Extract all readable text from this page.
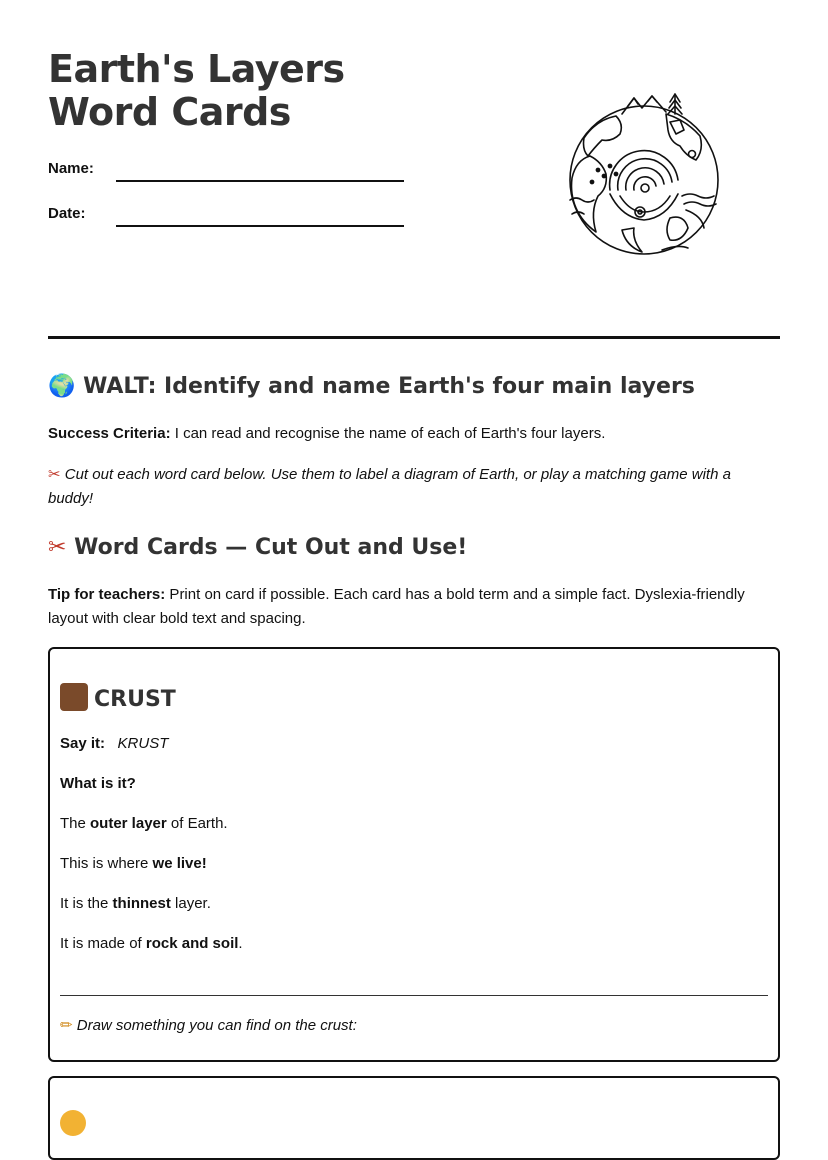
Earth's Layers Word Cards
Name:
Date:
🌍 WALT: Identify and name Earth's four main layers

Success Criteria: I can read and recognise the name of each of Earth's four layers.

✂ Cut out each word card below. Use them to label a diagram of Earth, or play a matching game with a buddy!

✂ Word Cards — Cut Out and Use!

Tip for teachers: Print on card if possible. Each card has a bold term and a simple fact. Dyslexia-friendly layout with clear bold text and spacing.

CRUST
Say it: KRUST
What is it?
The outer layer of Earth.
This is where we live!
It is the thinnest layer.
It is made of rock and soil.
✏ Draw something you can find on the crust:
